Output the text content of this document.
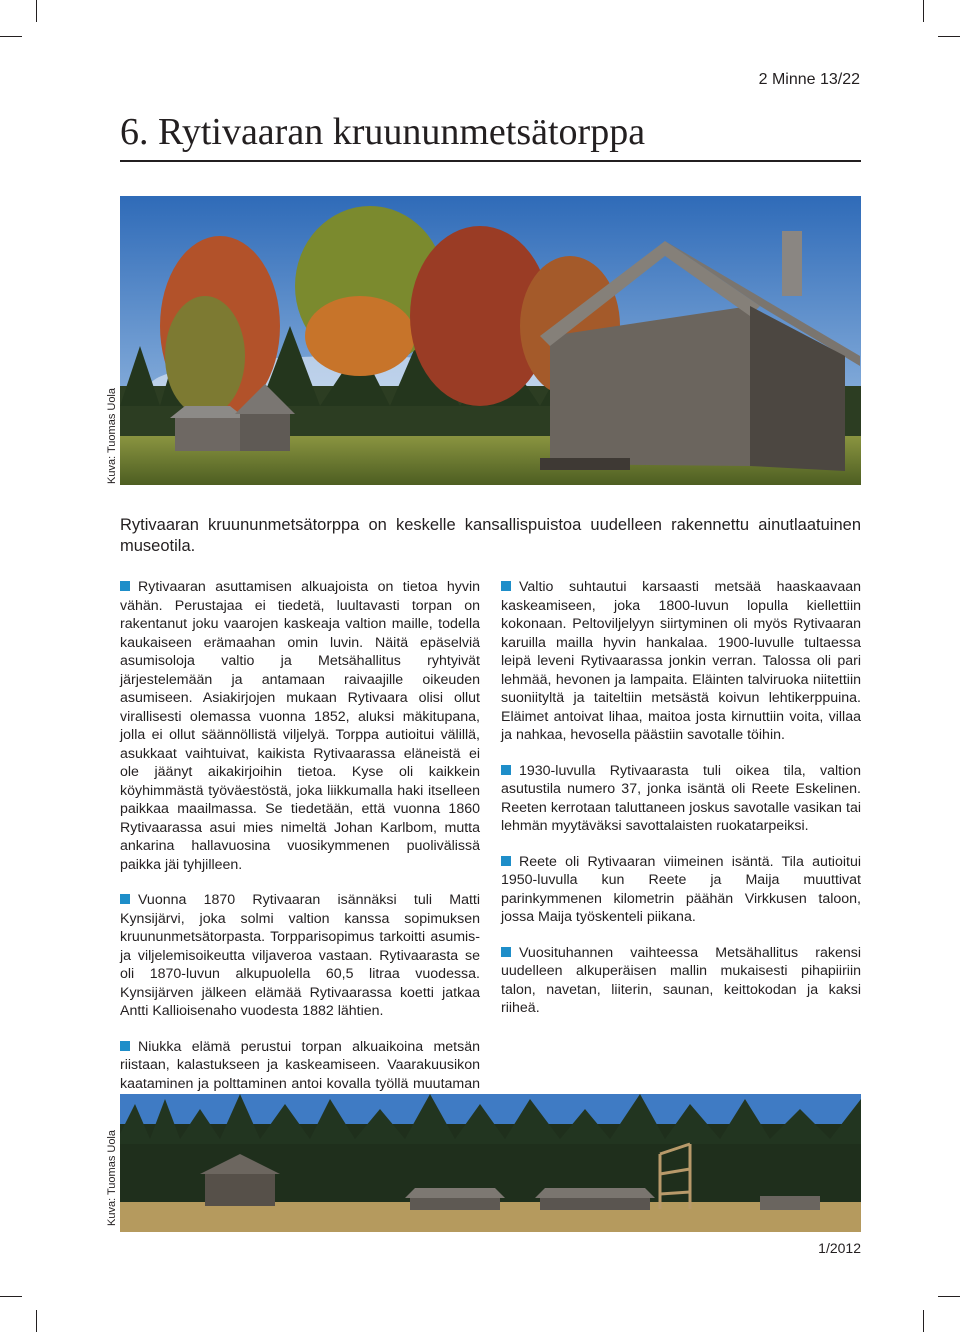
2 Minne 13/22
6. Rytivaaran kruununmetsätorppa
Kuva: Tuomas Uola
Rytivaaran kruununmetsätorppa on keskelle kansallispuistoa uudelleen rakennettu ainutlaatuinen museotila.

Rytivaaran asuttamisen alkuajoista on tietoa hyvin vähän. Perustajaa ei tiedetä, luultavasti torpan on rakentanut joku vaarojen kaskeaja valtion maille, todella kaukaiseen erämaahan omin luvin. Näitä epäselviä asumisoloja valtio ja Metsähallitus ryhtyivät järjestelemään ja antamaan raivaajille oikeuden asumiseen. Asiakirjojen mukaan Rytivaara olisi ollut virallisesti olemassa vuonna 1852, aluksi mäkitupana, jolla ei ollut säännöllistä viljelyä. Torppa autioitui välillä, asukkaat vaihtuivat, kaikista Rytivaarassa eläneistä ei ole jäänyt aikakirjoihin tietoa. Kyse oli kaikkein köyhimmästä työväestöstä, joka liikkumalla haki itselleen paikkaa maailmassa. Se tiedetään, että vuonna 1860 Rytivaarassa asui mies nimeltä Johan Karlbom, mutta ankarina hallavuosina vuosikymmenen puolivälissä paikka jäi tyhjilleen.

Vuonna 1870 Rytivaaran isännäksi tuli Matti Kynsijärvi, joka solmi valtion kanssa sopimuksen kruununmetsätorpasta. Torpparisopimus tarkoitti asumis- ja viljelemisoikeutta viljaveroa vastaan. Rytivaarasta se oli 1870-luvun alkupuolella 60,5 litraa vuodessa. Kynsijärven jälkeen elämää Rytivaarassa koetti jatkaa Antti Kallioisenaho vuodesta 1882 lähtien.

Niukka elämä perustui torpan alkuaikoina metsän riistaan, kalastukseen ja kaskeamiseen. Vaarakuusikon kaataminen ja polttaminen antoi kovalla työllä muutaman

Valtio suhtautui karsaasti metsää haaskaavaan kaskeamiseen, joka 1800-luvun lopulla kiellettiin kokonaan. Peltoviljelyyn siirtyminen oli myös Rytivaaran karuilla mailla hyvin hankalaa. 1900-luvulle tultaessa leipä leveni Rytivaarassa jonkin verran. Talossa oli pari lehmää, hevonen ja lampaita. Eläinten talviruoka niitettiin suoniityltä ja taiteltiin metsästä koivun lehtikerppuina. Eläimet antoivat lihaa, maitoa josta kirnuttiin voita, villaa ja nahkaa, hevosella päästiin savotalle töihin.

1930-luvulla Rytivaarasta tuli oikea tila, valtion asutustila numero 37, jonka isäntä oli Reete Eskelinen. Reeten kerrotaan taluttaneen joskus savotalle vasikan tai lehmän myytäväksi savottalaisten ruokatarpeiksi.

Reete oli Rytivaaran viimeinen isäntä. Tila autioitui 1950-luvulla kun Reete ja Maija muuttivat parinkymmenen kilometrin päähän Virkkusen taloon, jossa Maija työskenteli piikana.

Vuosituhannen vaihteessa Metsähallitus rakensi uudelleen alkuperäisen mallin mukaisesti pihapiiriin talon, navetan, liiterin, saunan, keittokodan ja kaksi riiheä.

Kuva: Tuomas Uola
1/2012
